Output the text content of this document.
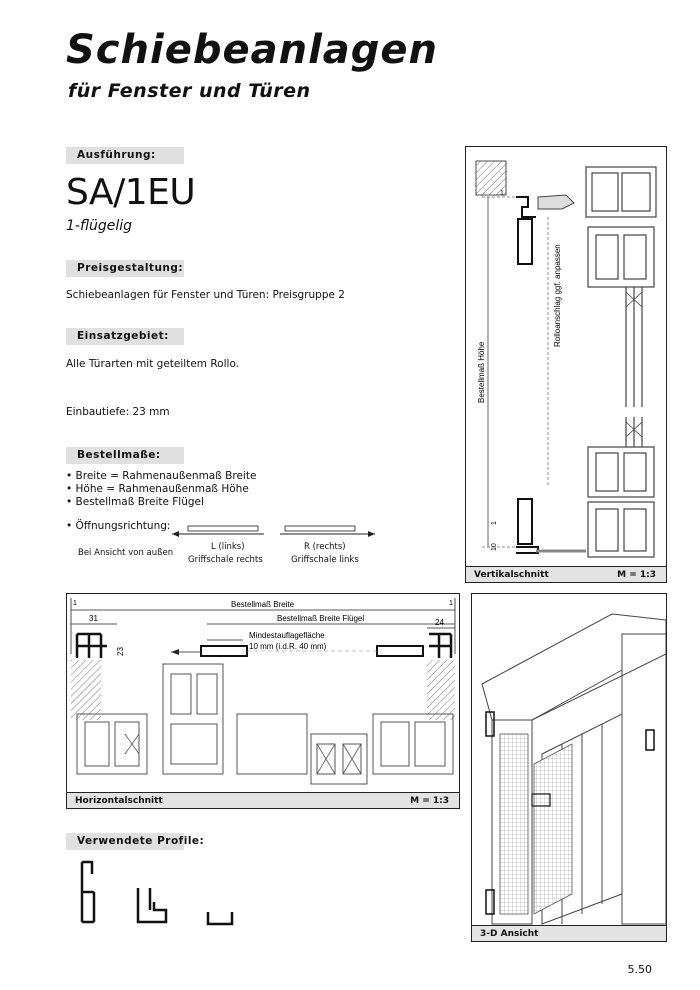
Schiebeanlagen
für Fenster und Türen
Ausführung:
SA/1EU
1-flügelig
Preisgestaltung:
Schiebeanlagen für Fenster und Türen: Preisgruppe 2
Einsatzgebiet:
Alle Türarten mit geteiltem Rollo.
Einbautiefe: 23 mm
Bestellmaße:
• Breite = Rahmenaußenmaß Breite
• Höhe = Rahmenaußenmaß Höhe
• Bestellmaß Breite Flügel
• Öffnungsrichtung:
Bei Ansicht von außen
L (links)
Griffschale rechts
R (rechts)
Griffschale links
Bestellmaß Höhe
Rolloanschlag ggf. anpassen
1
10
1
Vertikalschnitt	M = 1:3
Bestellmaß Breite
1	1
Bestellmaß Breite Flügel
31	24
23
Mindestauflagefläche
10 mm (i.d.R. 40 mm)
Horizontalschnitt	M = 1:3
3-D Ansicht
Verwendete Profile:
5.50
